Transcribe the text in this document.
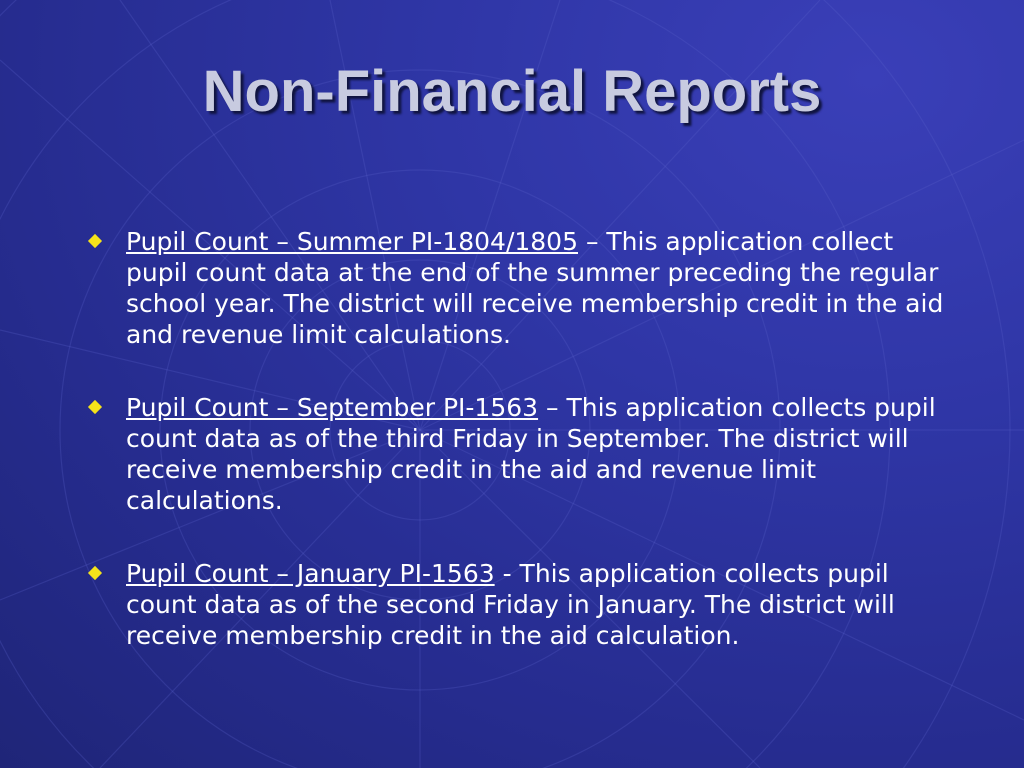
Non-Financial Reports
Pupil Count – Summer PI-1804/1805 – This application collect pupil count data at the end of the summer preceding the regular school year. The district will receive membership credit in the aid and revenue limit calculations.
Pupil Count – September PI-1563 – This application collects pupil count data as of the third Friday in September. The district will receive membership credit in the aid and revenue limit calculations.
Pupil Count – January PI-1563 - This application collects pupil count data as of the second Friday in January. The district will receive membership credit in the aid calculation.
